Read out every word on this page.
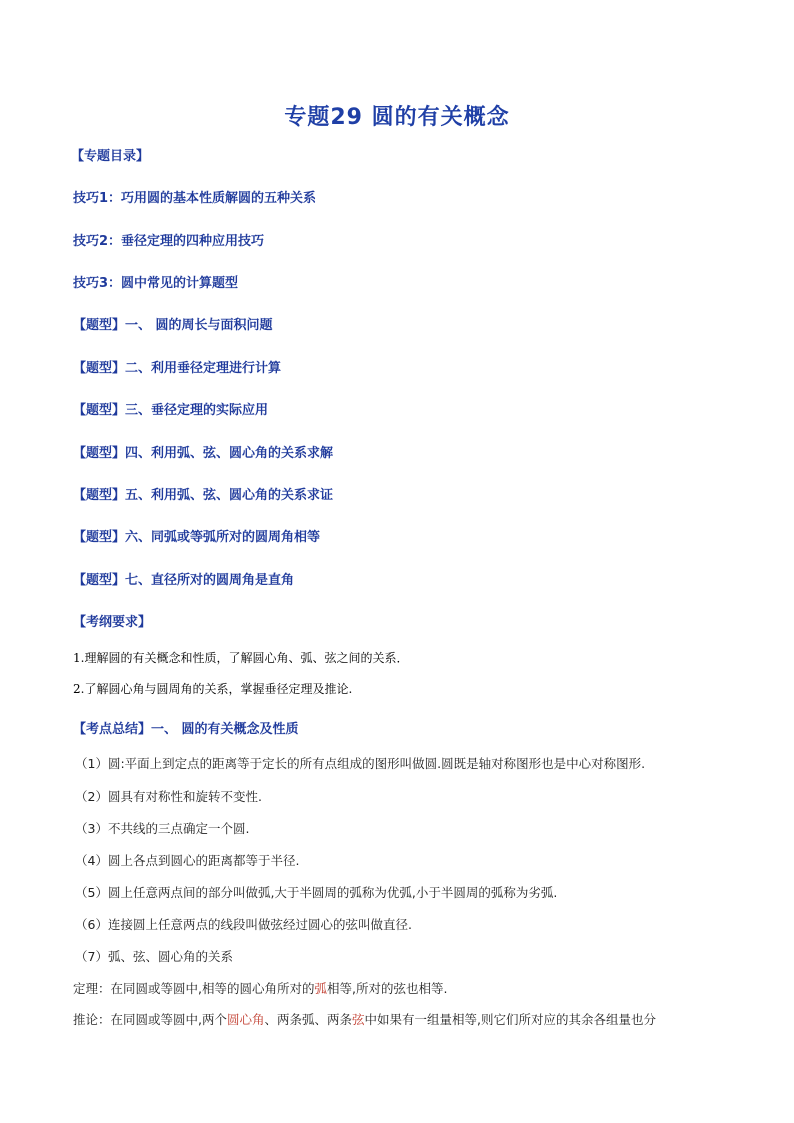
专题29 圆的有关概念
【专题目录】
技巧1：巧用圆的基本性质解圆的五种关系
技巧2：垂径定理的四种应用技巧
技巧3：圆中常见的计算题型
【题型】一、 圆的周长与面积问题
【题型】二、利用垂径定理进行计算
【题型】三、垂径定理的实际应用
【题型】四、利用弧、弦、圆心角的关系求解
【题型】五、利用弧、弦、圆心角的关系求证
【题型】六、同弧或等弧所对的圆周角相等
【题型】七、直径所对的圆周角是直角
【考纲要求】
1.理解圆的有关概念和性质，了解圆心角、弧、弦之间的关系．
2.了解圆心角与圆周角的关系，掌握垂径定理及推论.
【考点总结】一、 圆的有关概念及性质
（1）圆:平面上到定点的距离等于定长的所有点组成的图形叫做圆.圆既是轴对称图形也是中心对称图形.
（2）圆具有对称性和旋转不变性.
（3）不共线的三点确定一个圆.
（4）圆上各点到圆心的距离都等于半径.
（5）圆上任意两点间的部分叫做弧,大于半圆周的弧称为优弧,小于半圆周的弧称为劣弧.
（6）连接圆上任意两点的线段叫做弦经过圆心的弦叫做直径.
（7）弧、弦、圆心角的关系
定理：在同圆或等圆中,相等的圆心角所对的弧相等,所对的弦也相等.
推论：在同圆或等圆中,两个圆心角、两条弧、两条弦中如果有一组量相等,则它们所对应的其余各组量也分
